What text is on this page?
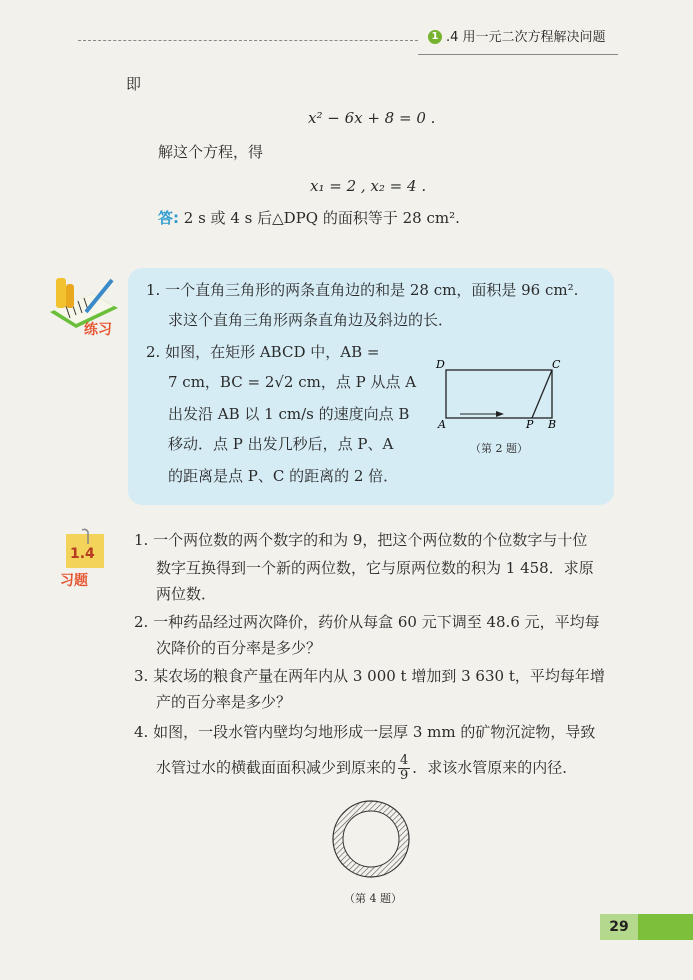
1 .4 用一元二次方程解决问题
即
x² − 6x + 8 = 0 .
解这个方程，得
x₁ = 2 , x₂ = 4 .
答: 2 s 或 4 s 后△DPQ 的面积等于 28 cm².
练习
1. 一个直角三角形的两条直角边的和是 28 cm，面积是 96 cm².
求这个直角三角形两条直角边及斜边的长．
2. 如图，在矩形 ABCD 中，AB =
7 cm，BC = 2√2 cm，点 P 从点 A
出发沿 AB 以 1 cm/s 的速度向点 B
移动．点 P 出发几秒后，点 P、A
的距离是点 P、C 的距离的 2 倍．
D	C
A	P B
（第 2 题）
1.4
习题
1. 一个两位数的两个数字的和为 9，把这个两位数的个位数字与十位
数字互换得到一个新的两位数，它与原两位数的积为 1 458．求原
两位数．
2. 一种药品经过两次降价，药价从每盒 60 元下调至 48.6 元，平均每
次降价的百分率是多少？
3. 某农场的粮食产量在两年内从 3 000 t 增加到 3 630 t，平均每年增
产的百分率是多少？
4. 如图，一段水管内壁均匀地形成一层厚 3 mm 的矿物沉淀物，导致
水管过水的横截面面积减少到原来的 $\frac{4}{9}$ ．求该水管原来的内径．
（第 4 题）
29
